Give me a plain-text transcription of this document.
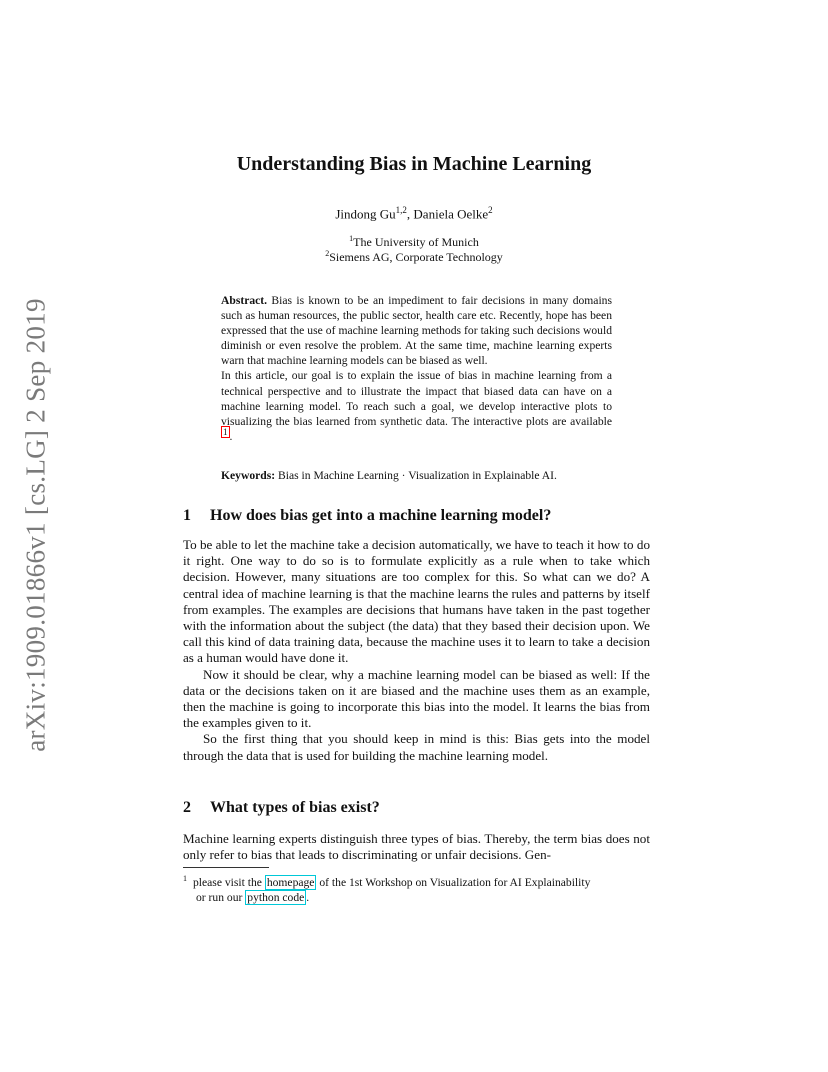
arXiv:1909.01866v1 [cs.LG] 2 Sep 2019
Understanding Bias in Machine Learning
Jindong Gu$^{1,2}$, Daniela Oelke$^2$
$^1$The University of Munich
$^2$Siemens AG, Corporate Technology

Abstract. Bias is known to be an impediment to fair decisions in many domains such as human resources, the public sector, health care etc. Recently, hope has been expressed that the use of machine learning methods for taking such decisions would diminish or even resolve the problem. At the same time, machine learning experts warn that machine learning models can be biased as well.

In this article, our goal is to explain the issue of bias in machine learning from a technical perspective and to illustrate the impact that biased data can have on a machine learning model. To reach such a goal, we develop interactive plots to visualizing the bias learned from synthetic data. The interactive plots are available $^1$ .

Keywords: Bias in Machine Learning · Visualization in Explainable AI.
1 How does bias get into a machine learning model?

To be able to let the machine take a decision automatically, we have to teach it how to do it right. One way to do so is to formulate explicitly as a rule when to take which decision. However, many situations are too complex for this. So what can we do? A central idea of machine learning is that the machine learns the rules and patterns by itself from examples. The examples are decisions that humans have taken in the past together with the information about the subject (the data) that they based their decision upon. We call this kind of data training data, because the machine uses it to learn to take a decision as a human would have done it.

Now it should be clear, why a machine learning model can be biased as well: If the data or the decisions taken on it are biased and the machine uses them as an example, then the machine is going to incorporate this bias into the model. It learns the bias from the examples given to it.

So the first thing that you should keep in mind is this: Bias gets into the model through the data that is used for building the machine learning model.

2 What types of bias exist?

Machine learning experts distinguish three types of bias. Thereby, the term bias does not only refer to bias that leads to discriminating or unfair decisions. Gen-

$^1$ please visit the homepage of the 1st Workshop on Visualization for AI Explainability
or run our python code .
